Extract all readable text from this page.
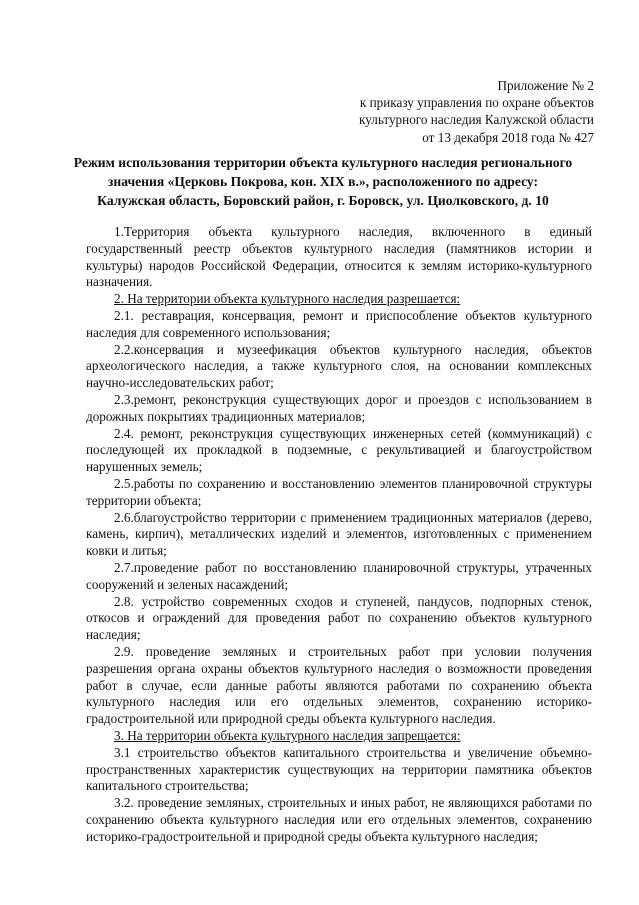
Приложение № 2
к приказу управления по охране объектов
культурного наследия Калужской области
от 13 декабря 2018 года № 427
Режим использования территории объекта культурного наследия регионального
значения «Церковь Покрова, кон. XIX в.», расположенного по адресу:
Калужская область, Боровский район, г. Боровск, ул. Циолковского, д. 10

1.Территория объекта культурного наследия, включенного в единый государственный реестр объектов культурного наследия (памятников истории и культуры) народов Российской Федерации, относится к землям историко-культурного назначения.

2. На территории объекта культурного наследия разрешается:

2.1. реставрация, консервация, ремонт и приспособление объектов культурного наследия для современного использования;

2.2.консервация и музеефикация объектов культурного наследия, объектов археологического наследия, а также культурного слоя, на основании комплексных научно-исследовательских работ;

2.3.ремонт, реконструкция существующих дорог и проездов с использованием в дорожных покрытиях традиционных материалов;

2.4. ремонт, реконструкция существующих инженерных сетей (коммуникаций) с последующей их прокладкой в подземные, с рекультивацией и благоустройством нарушенных земель;

2.5.работы по сохранению и восстановлению элементов планировочной структуры территории объекта;

2.6.благоустройство территории с применением традиционных материалов (дерево, камень, кирпич), металлических изделий и элементов, изготовленных с применением ковки и литья;

2.7.проведение работ по восстановлению планировочной структуры, утраченных сооружений и зеленых насаждений;

2.8. устройство современных сходов и ступеней, пандусов, подпорных стенок, откосов и ограждений для проведения работ по сохранению объектов культурного наследия;

2.9. проведение земляных и строительных работ при условии получения разрешения органа охраны объектов культурного наследия о возможности проведения работ в случае, если данные работы являются работами по сохранению объекта культурного наследия или его отдельных элементов, сохранению историко-градостроительной или природной среды объекта культурного наследия.

3. На территории объекта культурного наследия запрещается:

3.1 строительство объектов капитального строительства и увеличение объемно-пространственных характеристик существующих на территории памятника объектов капитального строительства;

3.2. проведение земляных, строительных и иных работ, не являющихся работами по сохранению объекта культурного наследия или его отдельных элементов, сохранению историко-градостроительной и природной среды объекта культурного наследия;
